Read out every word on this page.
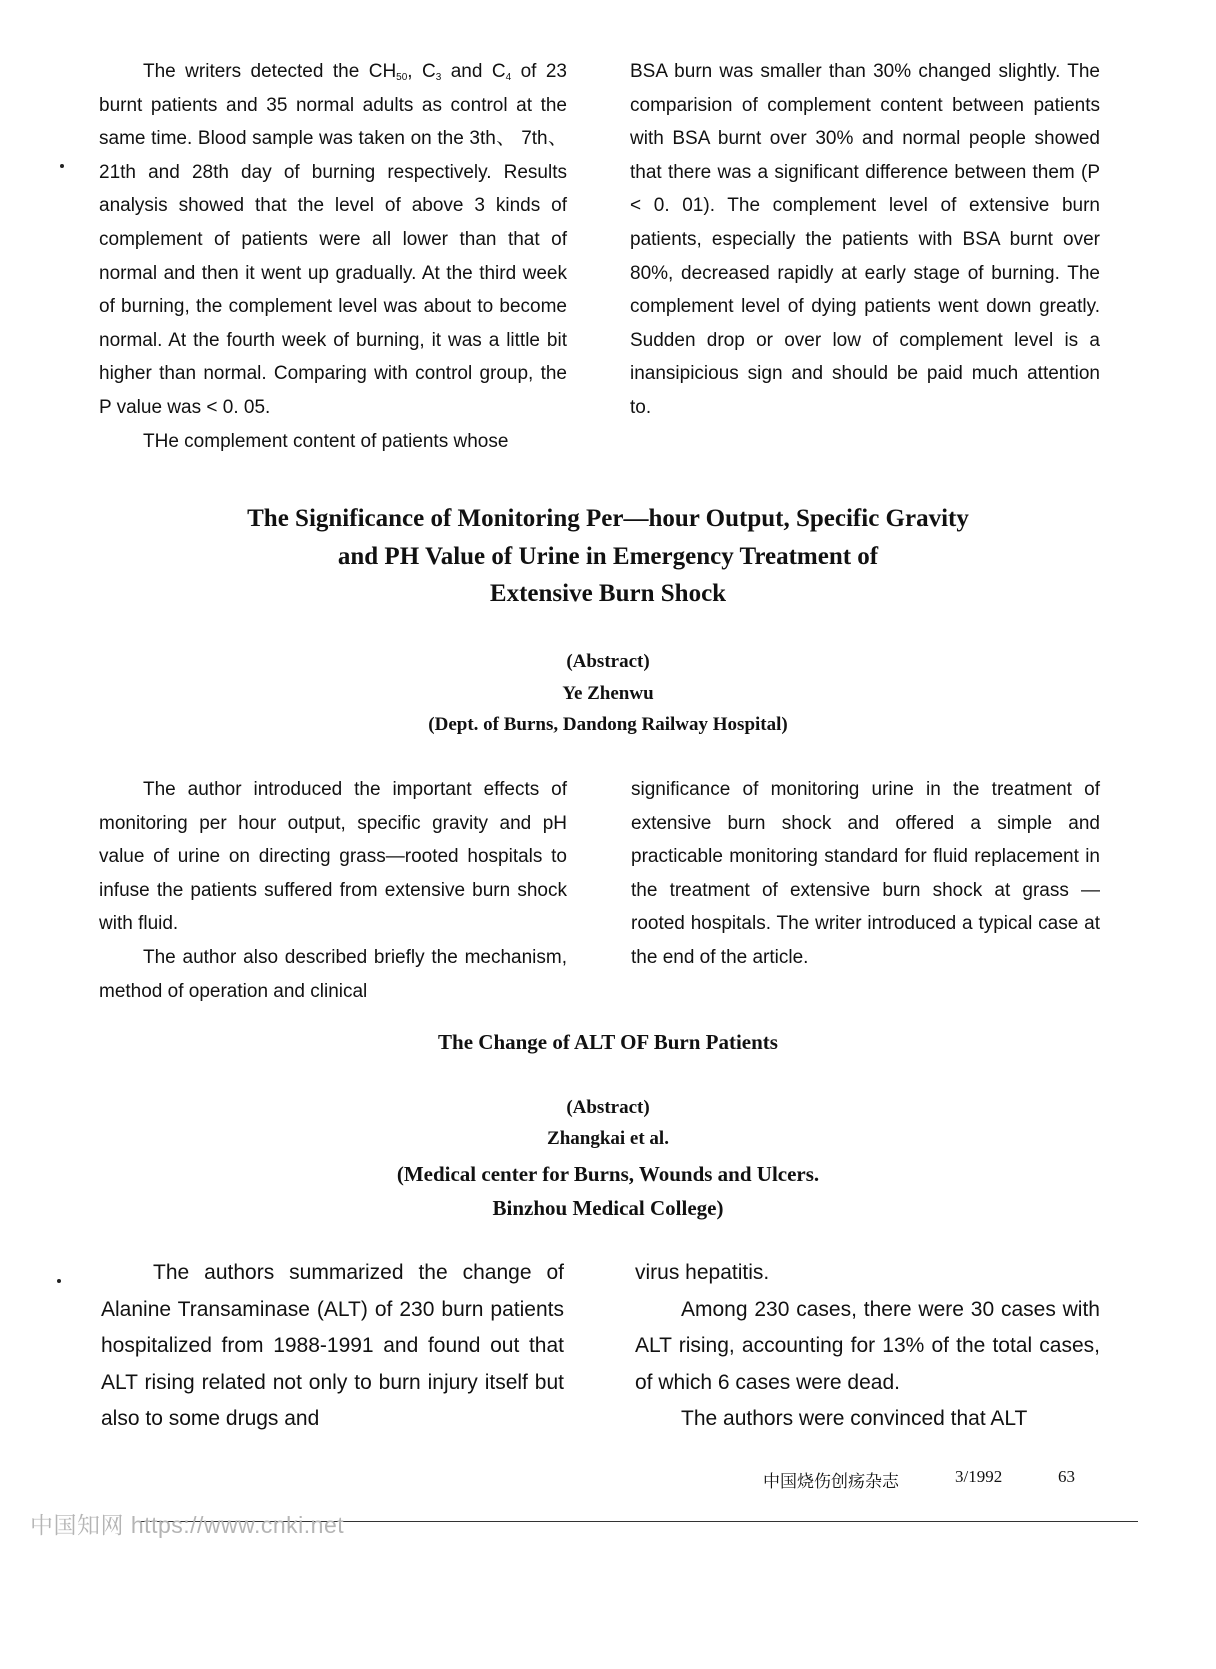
The writers detected the $CH_{50}$, $C_3$ and $C_4$ of 23 burnt patients and 35 normal adults as control at the same time. Blood sample was taken on the 3th、 7th、 21th and 28th day of burning respectively. Results analysis showed that the level of above 3 kinds of complement of patients were all lower than that of normal and then it went up gradually. At the third week of burning, the complement level was about to become normal. At the fourth week of burning, it was a little bit higher than normal. Comparing with control group, the P value was < 0. 05.

THe complement content of patients whose

BSA burn was smaller than 30% changed slightly. The comparision of complement content between patients with BSA burnt over 30% and normal people showed that there was a significant difference between them (P < 0. 01). The complement level of extensive burn patients, especially the patients with BSA burnt over 80%, decreased rapidly at early stage of burning. The complement level of dying patients went down greatly. Sudden drop or over low of complement level is a inansipicious sign and should be paid much attention to.

The Significance of Monitoring Per—hour Output, Specific Gravity
and PH Value of Urine in Emergency Treatment of
Extensive Burn Shock
(Abstract)
Ye Zhenwu
(Dept. of Burns, Dandong Railway Hospital)

The author introduced the important effects of monitoring per hour output, specific gravity and pH value of urine on directing grass—rooted hospitals to infuse the patients suffered from extensive burn shock with fluid.

The author also described briefly the mechanism, method of operation and clinical

significance of monitoring urine in the treatment of extensive burn shock and offered a simple and practicable monitoring standard for fluid replacement in the treatment of extensive burn shock at grass — rooted hospitals. The writer introduced a typical case at the end of the article.

The Change of ALT OF Burn Patients
(Abstract)
Zhangkai et al.
(Medical center for Burns, Wounds and Ulcers.
Binzhou Medical College)

The authors summarized the change of Alanine Transaminase (ALT) of 230 burn patients hospitalized from 1988-1991 and found out that ALT rising related not only to burn injury itself but also to some drugs and

virus hepatitis.

Among 230 cases, there were 30 cases with ALT rising, accounting for 13% of the total cases, of which 6 cases were dead.

The authors were convinced that ALT

中国烧伤创疡杂志	3/1992	63
中国知网 https://www.cnki.net
